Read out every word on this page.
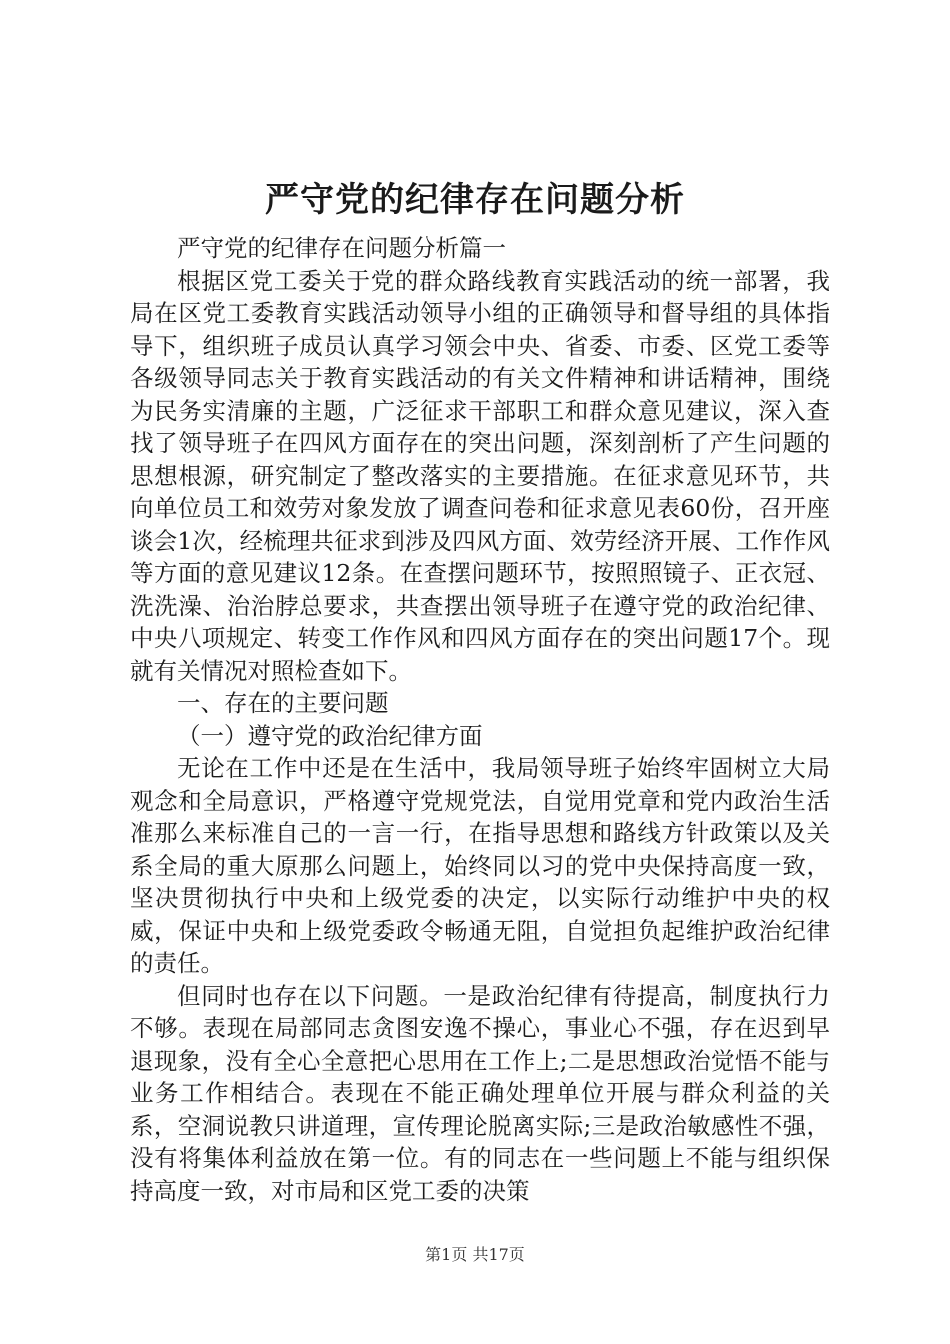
严守党的纪律存在问题分析

严守党的纪律存在问题分析篇一

根据区党工委关于党的群众路线教育实践活动的统一部署，我局在区党工委教育实践活动领导小组的正确领导和督导组的具体指导下，组织班子成员认真学习领会中央、省委、市委、区党工委等各级领导同志关于教育实践活动的有关文件精神和讲话精神，围绕为民务实清廉的主题，广泛征求干部职工和群众意见建议，深入查找了领导班子在四风方面存在的突出问题，深刻剖析了产生问题的思想根源，研究制定了整改落实的主要措施。在征求意见环节，共向单位员工和效劳对象发放了调查问卷和征求意见表60份，召开座谈会1次，经梳理共征求到涉及四风方面、效劳经济开展、工作作风等方面的意见建议12条。在查摆问题环节，按照照镜子、正衣冠、洗洗澡、治治脖总要求，共查摆出领导班子在遵守党的政治纪律、中央八项规定、转变工作作风和四风方面存在的突出问题17个。现就有关情况对照检查如下。

一、存在的主要问题

（一）遵守党的政治纪律方面

无论在工作中还是在生活中，我局领导班子始终牢固树立大局观念和全局意识，严格遵守党规党法，自觉用党章和党内政治生活准那么来标准自己的一言一行，在指导思想和路线方针政策以及关系全局的重大原那么问题上，始终同以习的党中央保持高度一致，坚决贯彻执行中央和上级党委的决定，以实际行动维护中央的权威，保证中央和上级党委政令畅通无阻，自觉担负起维护政治纪律的责任。

但同时也存在以下问题。一是政治纪律有待提高，制度执行力不够。表现在局部同志贪图安逸不操心，事业心不强，存在迟到早退现象，没有全心全意把心思用在工作上;二是思想政治觉悟不能与业务工作相结合。表现在不能正确处理单位开展与群众利益的关系，空洞说教只讲道理，宣传理论脱离实际;三是政治敏感性不强，没有将集体利益放在第一位。有的同志在一些问题上不能与组织保持高度一致，对市局和区党工委的决策

第1页 共17页
